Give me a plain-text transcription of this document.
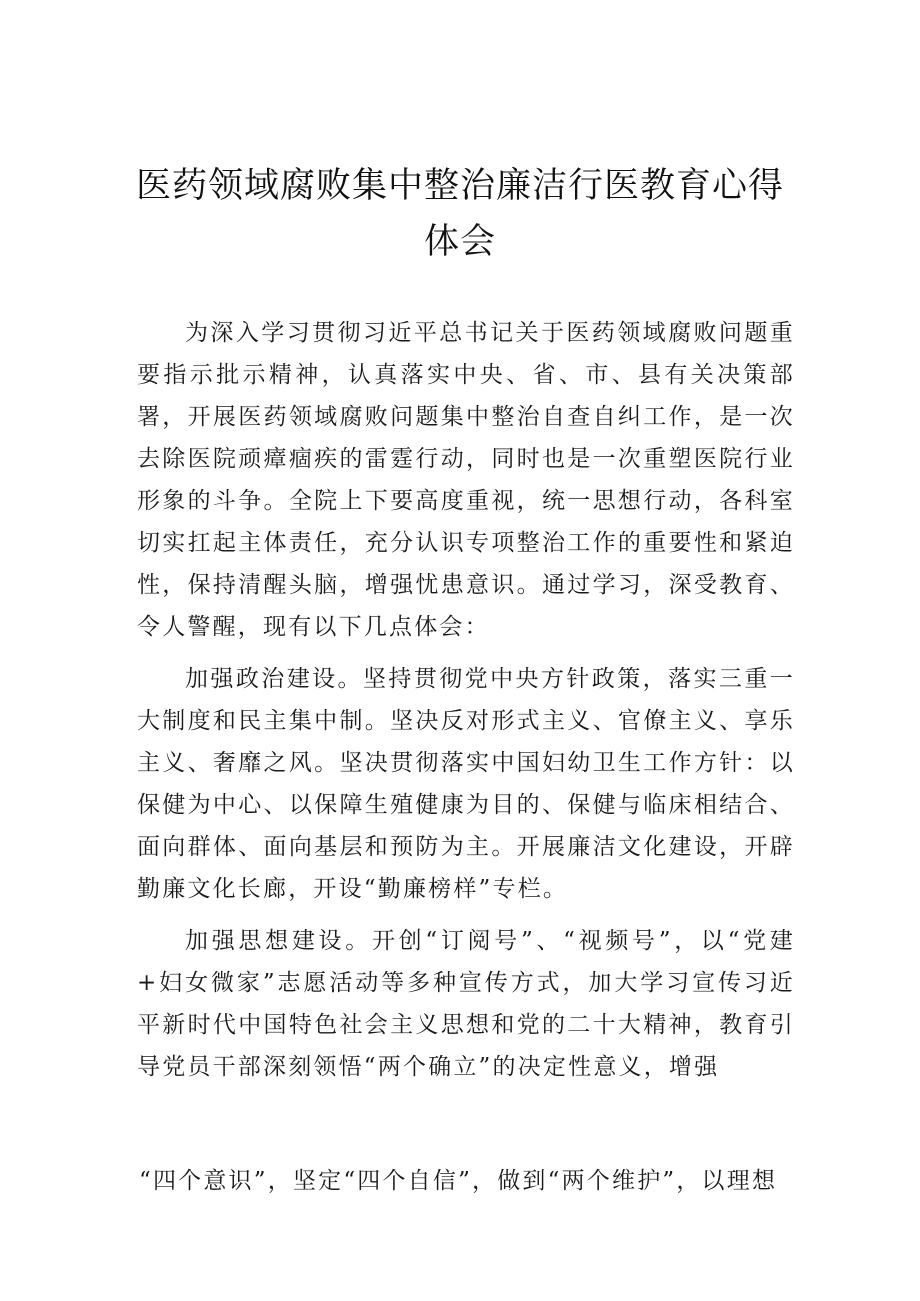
医药领域腐败集中整治廉洁行医教育心得
体会

为深入学习贯彻习近平总书记关于医药领域腐败问题重要指示批示精神，认真落实中央、省、市、县有关决策部署，开展医药领域腐败问题集中整治自查自纠工作，是一次去除医院顽瘴痼疾的雷霆行动，同时也是一次重塑医院行业形象的斗争。全院上下要高度重视，统一思想行动，各科室切实扛起主体责任，充分认识专项整治工作的重要性和紧迫性，保持清醒头脑，增强忧患意识。通过学习，深受教育、令人警醒，现有以下几点体会：

加强政治建设。坚持贯彻党中央方针政策，落实三重一大制度和民主集中制。坚决反对形式主义、官僚主义、享乐主义、奢靡之风。坚决贯彻落实中国妇幼卫生工作方针：以保健为中心、以保障生殖健康为目的、保健与临床相结合、面向群体、面向基层和预防为主。开展廉洁文化建设，开辟勤廉文化长廊，开设“勤廉榜样”专栏。

加强思想建设。开创“订阅号”、“视频号”，以“党建+妇女微家”志愿活动等多种宣传方式，加大学习宣传习近平新时代中国特色社会主义思想和党的二十大精神，教育引导党员干部深刻领悟“两个确立”的决定性意义，增强

“四个意识”，坚定“四个自信”，做到“两个维护”，以理想
